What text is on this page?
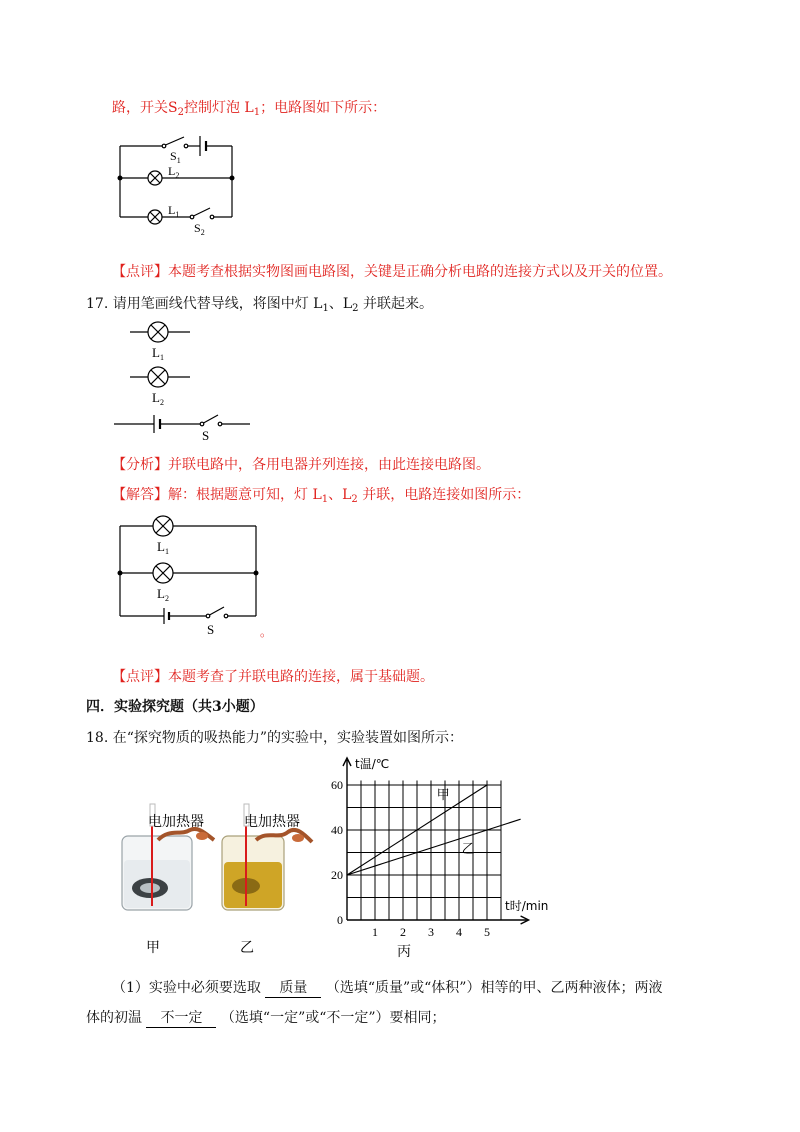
路，开关$S_2$控制灯泡 $L_1$；电路图如下所示：
$S_1$
$L_2$
$L_1$
$S_2$
【点评】本题考查根据实物图画电路图，关键是正确分析电路的连接方式以及开关的位置。
17. 请用笔画线代替导线，将图中灯 $L_1$、$L_2$ 并联起来。
$L_1$
$L_2$
S
【分析】并联电路中，各用电器并列连接，由此连接电路图。
【解答】解：根据题意可知，灯 $L_1$、$L_2$ 并联，电路连接如图所示：
$L_1$
$L_2$
S	。
【点评】本题考查了并联电路的连接，属于基础题。
四．实验探究题（共3小题）
18. 在“探究物质的吸热能力”的实验中，实验装置如图所示：
电加热器	电加热器
甲	乙
0
20
40
60
1 2 3 4 5
t温/℃
t时/min
甲
乙
丙
（1）实验中必须要选取 质量 （选填“质量”或“体积”）相等的甲、乙两种液体；两液
体的初温 不一定 （选填“一定”或“不一定”）要相同；
